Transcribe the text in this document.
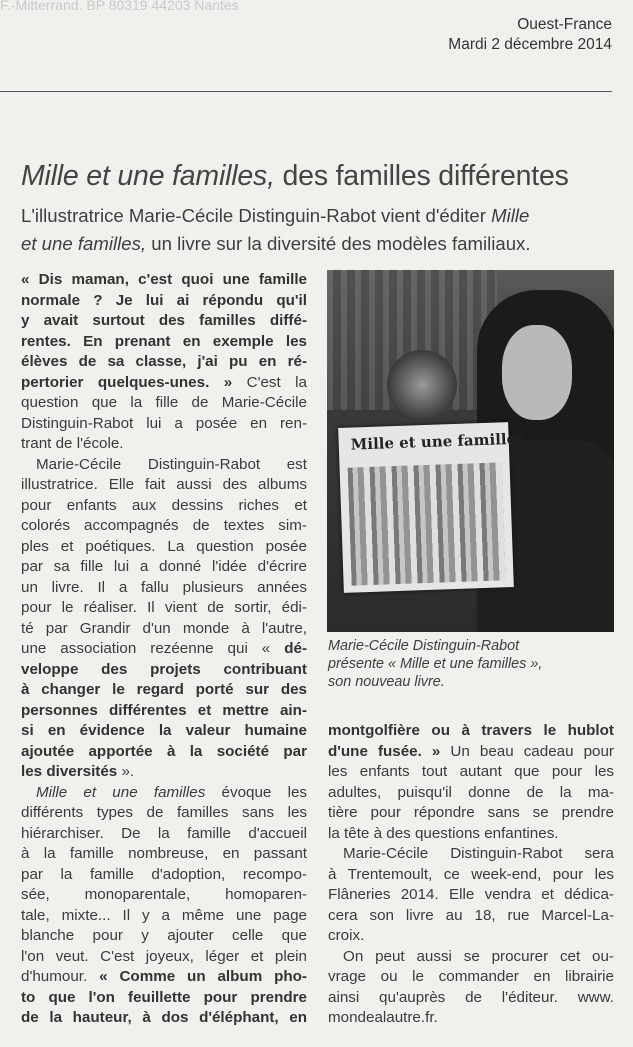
F.-Mitterrand. BP 80319 44203 Nantes
Ouest-France
Mardi 2 décembre 2014
Mille et une familles, des familles différentes
L'illustratrice Marie-Cécile Distinguin-Rabot vient d'éditer Mille
et une familles, un livre sur la diversité des modèles familiaux.
« Dis maman, c'est quoi une famille
normale ? Je lui ai répondu qu'il
y avait surtout des familles diffé-
rentes. En prenant en exemple les
élèves de sa classe, j'ai pu en ré-
pertorier quelques-unes. » C'est la
question que la fille de Marie-Cécile
Distinguin-Rabot lui a posée en ren-
trant de l'école.
Marie-Cécile Distinguin-Rabot est
illustratrice. Elle fait aussi des albums
pour enfants aux dessins riches et
colorés accompagnés de textes sim-
ples et poétiques. La question posée
par sa fille lui a donné l'idée d'écrire
un livre. Il a fallu plusieurs années
pour le réaliser. Il vient de sortir, édi-
té par Grandir d'un monde à l'autre,
une association rezéenne qui « dé-
veloppe des projets contribuant
à changer le regard porté sur des
personnes différentes et mettre ain-
si en évidence la valeur humaine
ajoutée apportée à la société par
les diversités ».
Mille et une familles évoque les
différents types de familles sans les
hiérarchiser. De la famille d'accueil
à la famille nombreuse, en passant
par la famille d'adoption, recompo-
sée, monoparentale, homoparen-
tale, mixte... Il y a même une page
blanche pour y ajouter celle que
l'on veut. C'est joyeux, léger et plein
d'humour. « Comme un album pho-
to que l'on feuillette pour prendre
de la hauteur, à dos d'éléphant, en
Mille et une familles
Marie-Cécile Distinguin-Rabot
présente « Mille et une familles »,
son nouveau livre.
montgolfière ou à travers le hublot
d'une fusée. » Un beau cadeau pour
les enfants tout autant que pour les
adultes, puisqu'il donne de la ma-
tière pour répondre sans se prendre
la tête à des questions enfantines.
Marie-Cécile Distinguin-Rabot sera
à Trentemoult, ce week-end, pour les
Flâneries 2014. Elle vendra et dédica-
cera son livre au 18, rue Marcel-La-
croix.
On peut aussi se procurer cet ou-
vrage ou le commander en librairie
ainsi qu'auprès de l'éditeur. www.
mondealautre.fr.
